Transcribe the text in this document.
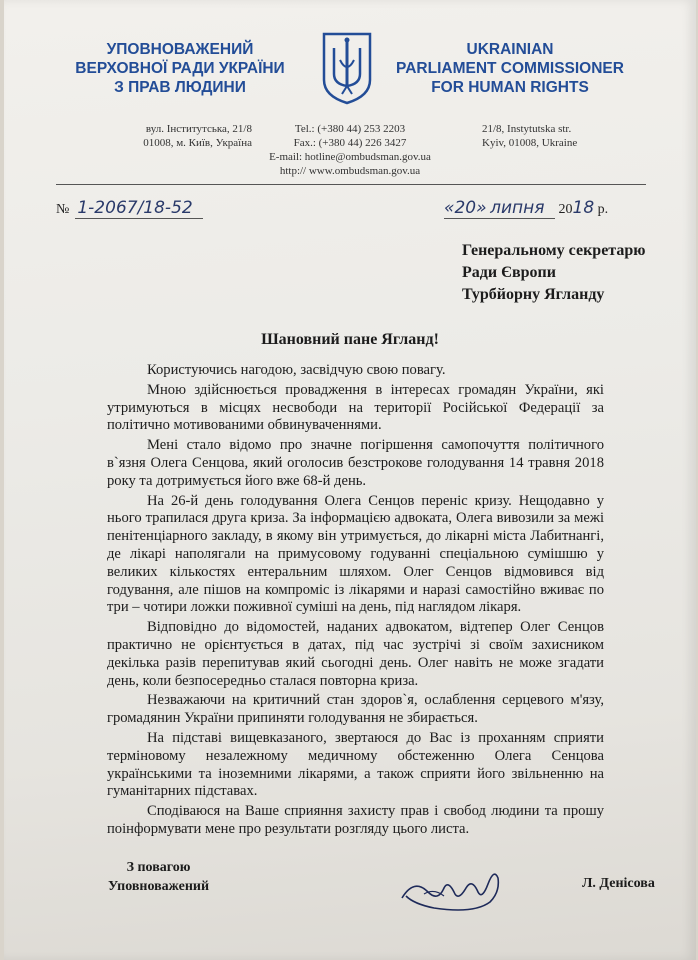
УПОВНОВАЖЕНИЙ
ВЕРХОВНОЇ РАДИ УКРАЇНИ
З ПРАВ ЛЮДИНИ
UKRAINIAN
PARLIAMENT COMMISSIONER
FOR HUMAN RIGHTS
вул. Інститутська, 21/8
01008, м. Київ, Україна
Tel.: (+380 44) 253 2203
Fax.: (+380 44) 226 3427
E-mail: hotline@ombudsman.gov.ua
http:// www.ombudsman.gov.ua
21/8, Instytutska str.
Kyiv, 01008, Ukraine
№ 1-2067/18-52	«20» липня 2018 р.
Генеральному секретарю
Ради Європи
Турбйорну Ягланду
Шановний пане Ягланд!

Користуючись нагодою, засвідчую свою повагу.

Мною здійснюється провадження в інтересах громадян України, які утримуються в місцях несвободи на території Російської Федерації за політично мотивованими обвинуваченнями.

Мені стало відомо про значне погіршення самопочуття політичного в`язня Олега Сенцова, який оголосив безстрокове голодування 14 травня 2018 року та дотримується його вже 68-й день.

На 26-й день голодування Олега Сенцов переніс кризу. Нещодавно у нього трапилася друга криза. За інформацією адвоката, Олега вивозили за межі пенітенціарного закладу, в якому він утримується, до лікарні міста Лабитнангі, де лікарі наполягали на примусовому годуванні спеціальною сумішшю у великих кількостях ентеральним шляхом. Олег Сенцов відмовився від годування, але пішов на компроміс із лікарями и наразі самостійно вживає по три – чотири ложки поживної суміші на день, під наглядом лікаря.

Відповідно до відомостей, наданих адвокатом, відтепер Олег Сенцов практично не орієнтується в датах, під час зустрічі зі своїм захисником декілька разів перепитував який сьогодні день. Олег навіть не може згадати день, коли безпосередньо сталася повторна криза.

Незважаючи на критичний стан здоров`я, ослаблення серцевого м'язу, громадянин України припиняти голодування не збирається.

На підставі вищевказаного, звертаюся до Вас із проханням сприяти терміновому незалежному медичному обстеженню Олега Сенцова українськими та іноземними лікарями, а також сприяти його звільненню на гуманітарних підставах.

Сподіваюся на Ваше сприяння захисту прав і свобод людини та прошу поінформувати мене про результати розгляду цього листа.

З повагою
Уповноважений	Л. Денісова
